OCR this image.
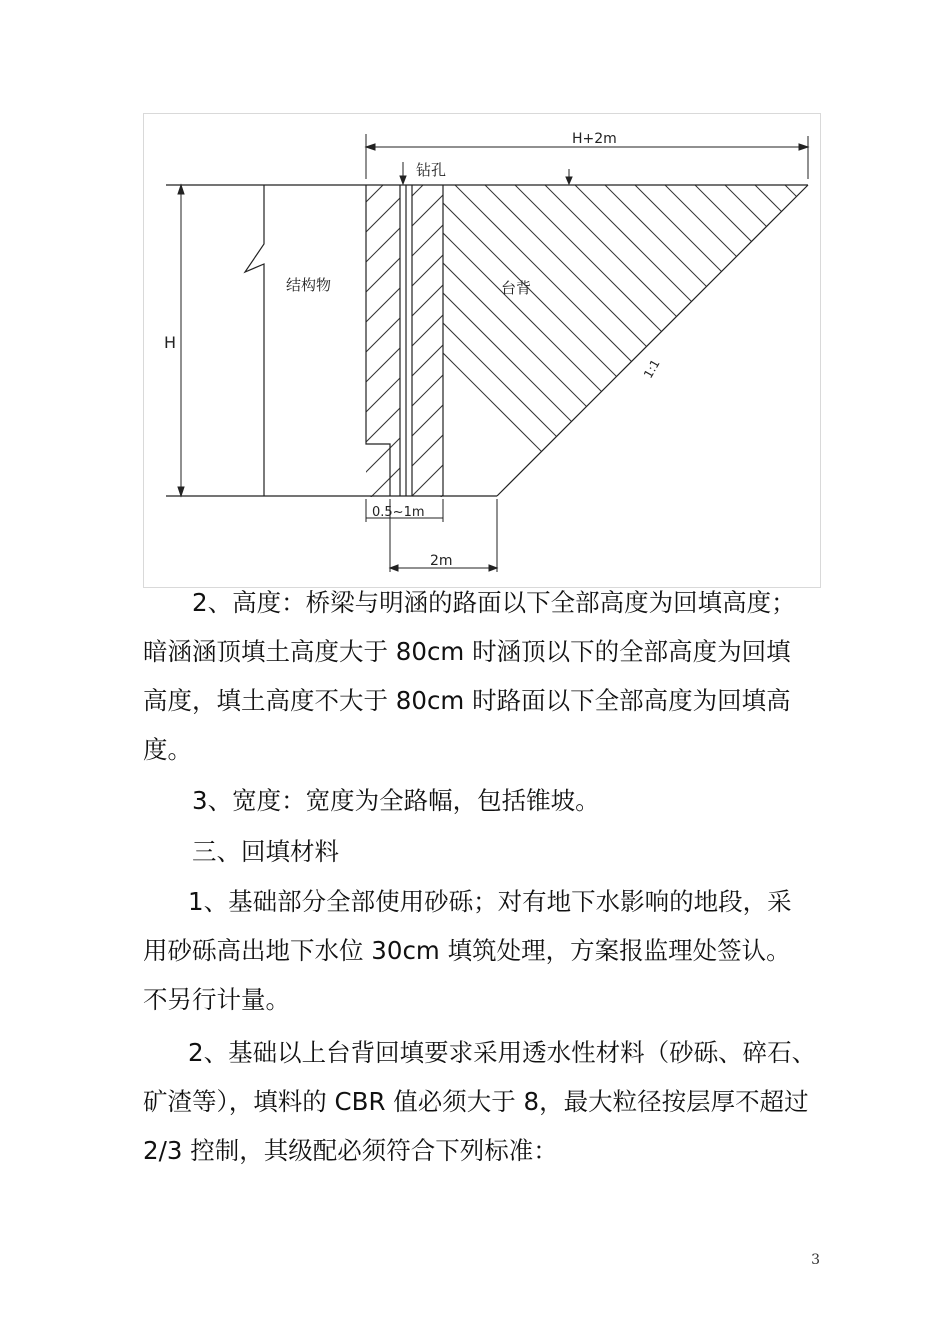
H+2m
钻孔
结构物	台背
H
1:1
0.5~1m
2m
2、高度：桥梁与明涵的路面以下全部高度为回填高度；
暗涵涵顶填土高度大于 80cm 时涵顶以下的全部高度为回填
高度，填土高度不大于 80cm 时路面以下全部高度为回填高
度。
3、宽度：宽度为全路幅，包括锥坡。
三、回填材料
1、基础部分全部使用砂砾；对有地下水影响的地段，采
用砂砾高出地下水位 30cm 填筑处理，方案报监理处签认。
不另行计量。
2、基础以上台背回填要求采用透水性材料（砂砾、碎石、
矿渣等），填料的 CBR 值必须大于 8，最大粒径按层厚不超过
2/3 控制，其级配必须符合下列标准：
3
